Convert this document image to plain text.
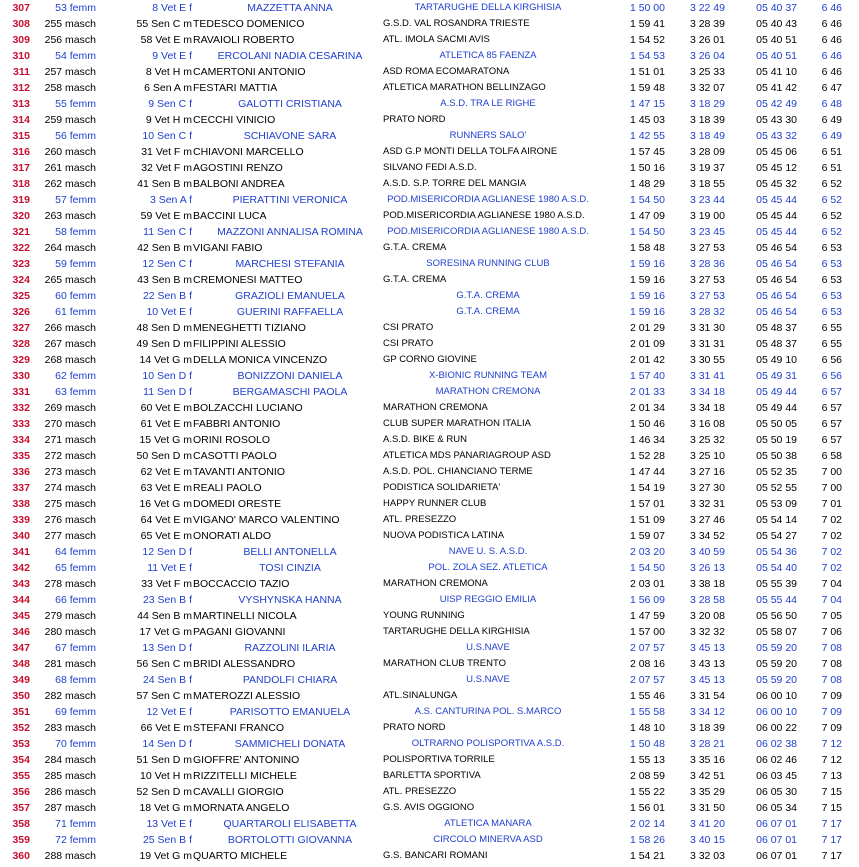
307	53 femm	8 Vet E f	MAZZETTA ANNA	TARTARUGHE DELLA KIRGHISIA	1 50 00	3 22 49	05 40 37	6 46
308	255 masch	55 Sen C m TEDESCO DOMENICO	G.S.D. VAL ROSANDRA TRIESTE	1 59 41	3 28 39	05 40 43	6 46
309	256 masch	58 Vet E m RAVAIOLI ROBERTO	ATL. IMOLA SACMI AVIS	1 54 52	3 26 01	05 40 51	6 46
310	54 femm	9 Vet E f	ERCOLANI NADIA CESARINA	ATLETICA 85 FAENZA	1 54 53	3 26 04	05 40 51	6 46
311	257 masch	8 Vet H m CAMERTONI ANTONIO	ASD ROMA ECOMARATONA	1 51 01	3 25 33	05 41 10	6 46
312	258 masch	6 Sen A m FESTARI MATTIA	ATLETICA MARATHON BELLINZAGO	1 59 48	3 32 07	05 41 42	6 47
313	55 femm	9 Sen C f	GALOTTI CRISTIANA	A.S.D. TRA LE RIGHE	1 47 15	3 18 29	05 42 49	6 48
314	259 masch	9 Vet H m CECCHI VINICIO	PRATO NORD	1 45 03	3 18 39	05 43 30	6 49
315	56 femm	10 Sen C f	SCHIAVONE SARA	RUNNERS SALO'	1 42 55	3 18 49	05 43 32	6 49
316	260 masch	31 Vet F m CHIAVONI MARCELLO	ASD G.P MONTI DELLA TOLFA AIRONE	1 57 45	3 28 09	05 45 06	6 51
317	261 masch	32 Vet F m AGOSTINI RENZO	SILVANO FEDI A.S.D.	1 50 16	3 19 37	05 45 12	6 51
318	262 masch	41 Sen B m BALBONI ANDREA	A.S.D. S.P. TORRE DEL MANGIA	1 48 29	3 18 55	05 45 32	6 52
319	57 femm	3 Sen A f	PIERATTINI VERONICA	POD.MISERICORDIA AGLIANESE 1980 A.S.D.	1 54 50	3 23 44	05 45 44	6 52
320	263 masch	59 Vet E m BACCINI LUCA	POD.MISERICORDIA AGLIANESE 1980 A.S.D.	1 47 09	3 19 00	05 45 44	6 52
321	58 femm	11 Sen C f	MAZZONI ANNALISA ROMINA	POD.MISERICORDIA AGLIANESE 1980 A.S.D.	1 54 50	3 23 45	05 45 44	6 52
322	264 masch	42 Sen B m VIGANI FABIO	G.T.A. CREMA	1 58 48	3 27 53	05 46 54	6 53
323	59 femm	12 Sen C f	MARCHESI STEFANIA	SORESINA RUNNING CLUB	1 59 16	3 28 36	05 46 54	6 53
324	265 masch	43 Sen B m CREMONESI MATTEO	G.T.A. CREMA	1 59 16	3 27 53	05 46 54	6 53
325	60 femm	22 Sen B f	GRAZIOLI EMANUELA	G.T.A. CREMA	1 59 16	3 27 53	05 46 54	6 53
326	61 femm	10 Vet E f	GUERINI RAFFAELLA	G.T.A. CREMA	1 59 16	3 28 32	05 46 54	6 53
327	266 masch	48 Sen D m MENEGHETTI TIZIANO	CSI PRATO	2 01 29	3 31 30	05 48 37	6 55
328	267 masch	49 Sen D m FILIPPINI ALESSIO	CSI PRATO	2 01 09	3 31 31	05 48 37	6 55
329	268 masch	14 Vet G m DELLA MONICA VINCENZO	GP CORNO GIOVINE	2 01 42	3 30 55	05 49 10	6 56
330	62 femm	10 Sen D f	BONIZZONI DANIELA	X-BIONIC RUNNING TEAM	1 57 40	3 31 41	05 49 31	6 56
331	63 femm	11 Sen D f	BERGAMASCHI PAOLA	MARATHON CREMONA	2 01 33	3 34 18	05 49 44	6 57
332	269 masch	60 Vet E m BOLZACCHI LUCIANO	MARATHON CREMONA	2 01 34	3 34 18	05 49 44	6 57
333	270 masch	61 Vet E m FABBRI ANTONIO	CLUB SUPER MARATHON ITALIA	1 50 46	3 16 08	05 50 05	6 57
334	271 masch	15 Vet G m ORINI ROSOLO	A.S.D. BIKE & RUN	1 46 34	3 25 32	05 50 19	6 57
335	272 masch	50 Sen D m CASOTTI PAOLO	ATLETICA MDS PANARIAGROUP ASD	1 52 28	3 25 10	05 50 38	6 58
336	273 masch	62 Vet E m TAVANTI ANTONIO	A.S.D. POL. CHIANCIANO TERME	1 47 44	3 27 16	05 52 35	7 00
337	274 masch	63 Vet E m REALI PAOLO	PODISTICA SOLIDARIETA'	1 54 19	3 27 30	05 52 55	7 00
338	275 masch	16 Vet G m DOMEDI ORESTE	HAPPY RUNNER CLUB	1 57 01	3 32 31	05 53 09	7 01
339	276 masch	64 Vet E m VIGANO' MARCO VALENTINO	ATL. PRESEZZO	1 51 09	3 27 46	05 54 14	7 02
340	277 masch	65 Vet E m ONORATI ALDO	NUOVA PODISTICA LATINA	1 59 07	3 34 52	05 54 27	7 02
341	64 femm	12 Sen D f	BELLI ANTONELLA	NAVE U. S. A.S.D.	2 03 20	3 40 59	05 54 36	7 02
342	65 femm	11 Vet E f	TOSI CINZIA	POL. ZOLA SEZ. ATLETICA	1 54 50	3 26 13	05 54 40	7 02
343	278 masch	33 Vet F m BOCCACCIO TAZIO	MARATHON CREMONA	2 03 01	3 38 18	05 55 39	7 04
344	66 femm	23 Sen B f	VYSHYNSKA HANNA	UISP REGGIO EMILIA	1 56 09	3 28 58	05 55 44	7 04
345	279 masch	44 Sen B m MARTINELLI NICOLA	YOUNG RUNNING	1 47 59	3 20 08	05 56 50	7 05
346	280 masch	17 Vet G m PAGANI GIOVANNI	TARTARUGHE DELLA KIRGHISIA	1 57 00	3 32 32	05 58 07	7 06
347	67 femm	13 Sen D f	RAZZOLINI ILARIA	U.S.NAVE	2 07 57	3 45 13	05 59 20	7 08
348	281 masch	56 Sen C m BRIDI ALESSANDRO	MARATHON CLUB TRENTO	2 08 16	3 43 13	05 59 20	7 08
349	68 femm	24 Sen B f	PANDOLFI CHIARA	U.S.NAVE	2 07 57	3 45 13	05 59 20	7 08
350	282 masch	57 Sen C m MATEROZZI ALESSIO	ATL.SINALUNGA	1 55 46	3 31 54	06 00 10	7 09
351	69 femm	12 Vet E f	PARISOTTO EMANUELA	A.S. CANTURINA POL. S.MARCO	1 55 58	3 34 12	06 00 10	7 09
352	283 masch	66 Vet E m STEFANI FRANCO	PRATO NORD	1 48 10	3 18 39	06 00 22	7 09
353	70 femm	14 Sen D f	SAMMICHELI DONATA	OLTRARNO POLISPORTIVA A.S.D.	1 50 48	3 28 21	06 02 38	7 12
354	284 masch	51 Sen D m GIOFFRE' ANTONINO	POLISPORTIVA TORRILE	1 55 13	3 35 16	06 02 46	7 12
355	285 masch	10 Vet H m RIZZITELLI MICHELE	BARLETTA SPORTIVA	2 08 59	3 42 51	06 03 45	7 13
356	286 masch	52 Sen D m CAVALLI GIORGIO	ATL. PRESEZZO	1 55 22	3 35 29	06 05 30	7 15
357	287 masch	18 Vet G m MORNATA ANGELO	G.S. AVIS OGGIONO	1 56 01	3 31 50	06 05 34	7 15
358	71 femm	13 Vet E f	QUARTAROLI ELISABETTA	ATLETICA MANARA	2 02 14	3 41 20	06 07 01	7 17
359	72 femm	25 Sen B f	BORTOLOTTI GIOVANNA	CIRCOLO MINERVA ASD	1 58 26	3 40 15	06 07 01	7 17
360	288 masch	19 Vet G m QUARTO MICHELE	G.S. BANCARI ROMANI	1 54 21	3 32 03	06 07 01	7 17
